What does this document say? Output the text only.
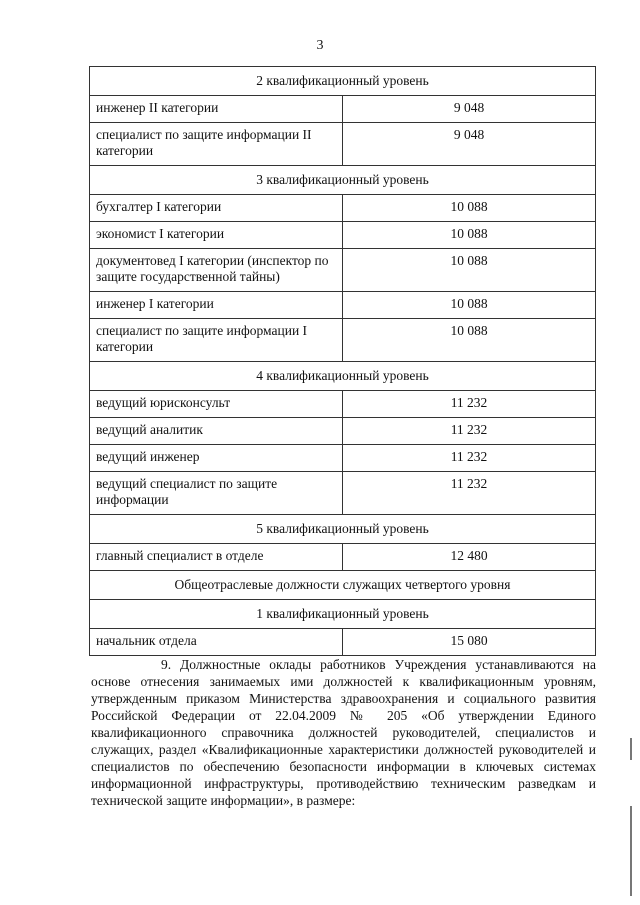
3
2 квалификационный уровень	
инженер II категории	9 048
специалист по защите информации II категории	9 048
3 квалификационный уровень	
бухгалтер I категории	10 088
экономист I категории	10 088
документовед I категории (инспектор по защите государственной тайны)	10 088
инженер I категории	10 088
специалист по защите информации I категории	10 088
4 квалификационный уровень	
ведущий юрисконсульт	11 232
ведущий аналитик	11 232
ведущий инженер	11 232
ведущий специалист по защите информации	11 232
5 квалификационный уровень	
главный специалист в отделе	12 480
Общеотраслевые должности служащих четвертого уровня	
1 квалификационный уровень	
начальник отдела	15 080

9. Должностные оклады работников Учреждения устанавливаются на основе отнесения занимаемых ими должностей к квалификационным уровням, утвержденным приказом Министерства здравоохранения и социального развития Российской Федерации от 22.04.2009 № 205 «Об утверждении Единого квалификационного справочника должностей руководителей, специалистов и служащих, раздел «Квалификационные характеристики должностей руководителей и специалистов по обеспечению безопасности информации в ключевых системах информационной инфраструктуры, противодействию техническим разведкам и технической защите информации», в размере:
